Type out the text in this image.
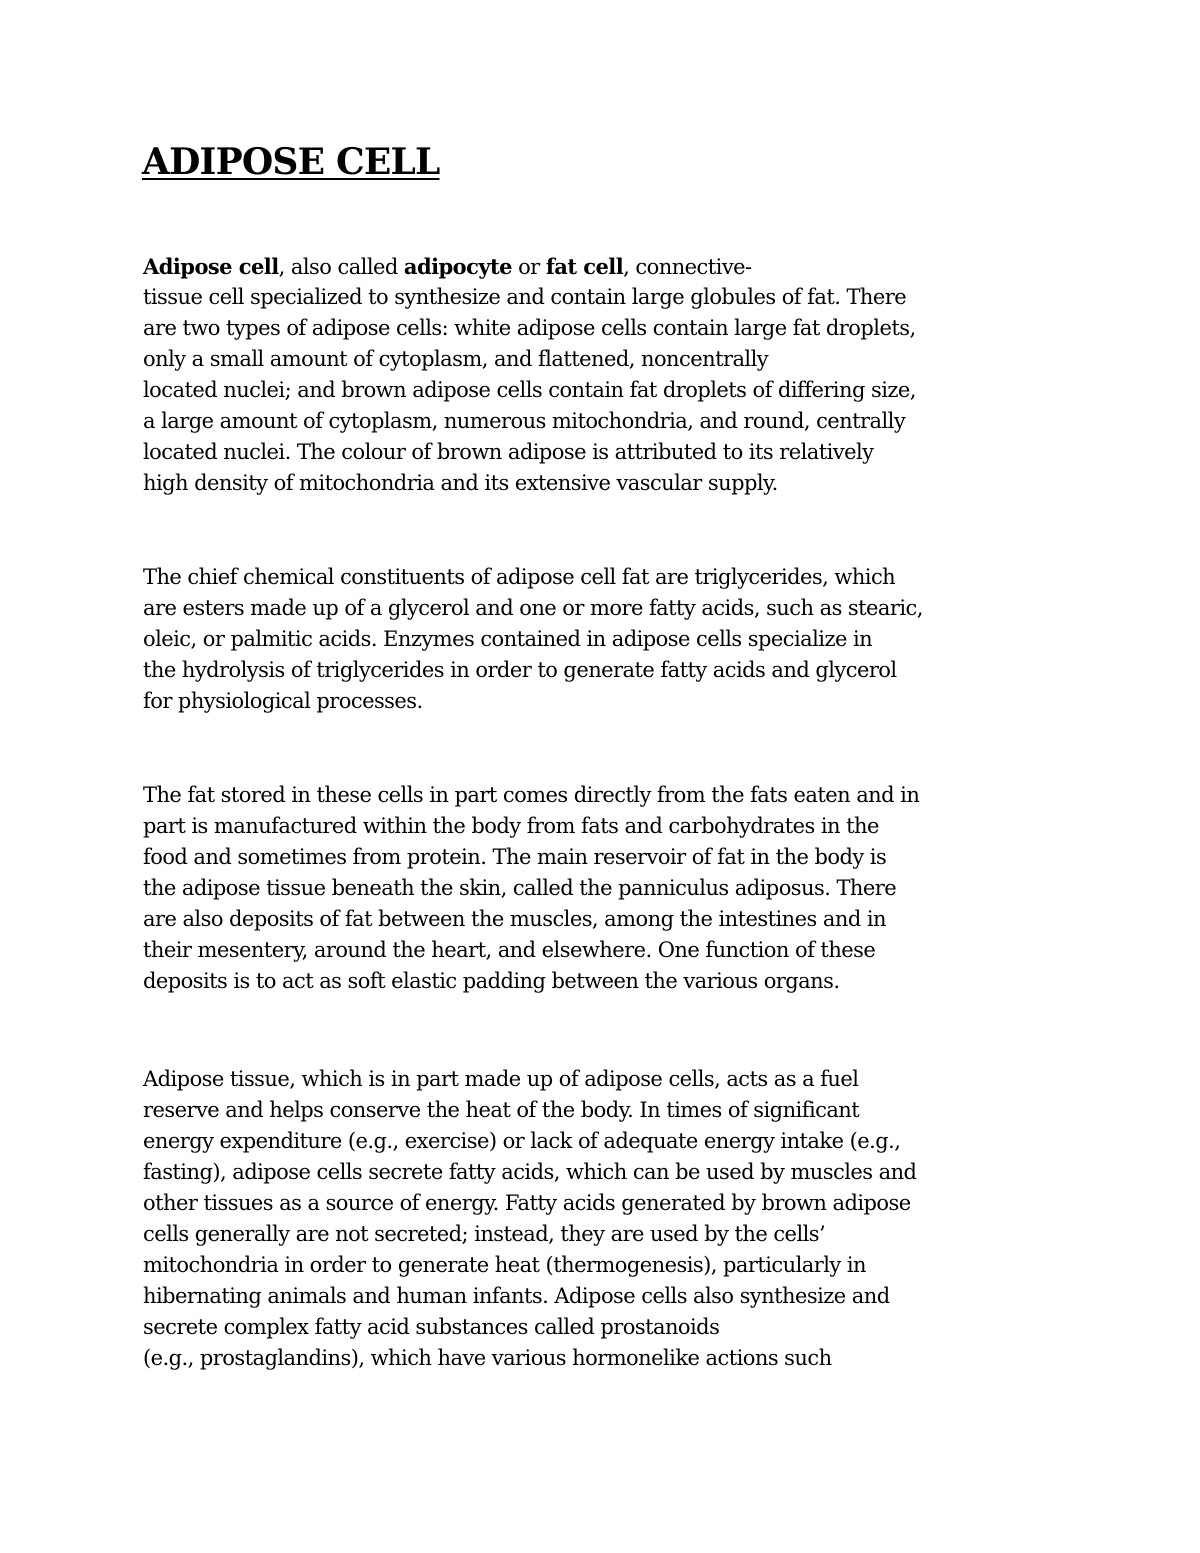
ADIPOSE CELL
Adipose cell, also called adipocyte or fat cell, connective-
tissue cell specialized to synthesize and contain large globules of fat. There
are two types of adipose cells: white adipose cells contain large fat droplets,
only a small amount of cytoplasm, and flattened, noncentrally
located nuclei; and brown adipose cells contain fat droplets of differing size,
a large amount of cytoplasm, numerous mitochondria, and round, centrally
located nuclei. The colour of brown adipose is attributed to its relatively
high density of mitochondria and its extensive vascular supply.
The chief chemical constituents of adipose cell fat are triglycerides, which
are esters made up of a glycerol and one or more fatty acids, such as stearic,
oleic, or palmitic acids. Enzymes contained in adipose cells specialize in
the hydrolysis of triglycerides in order to generate fatty acids and glycerol
for physiological processes.
The fat stored in these cells in part comes directly from the fats eaten and in
part is manufactured within the body from fats and carbohydrates in the
food and sometimes from protein. The main reservoir of fat in the body is
the adipose tissue beneath the skin, called the panniculus adiposus. There
are also deposits of fat between the muscles, among the intestines and in
their mesentery, around the heart, and elsewhere. One function of these
deposits is to act as soft elastic padding between the various organs.
Adipose tissue, which is in part made up of adipose cells, acts as a fuel
reserve and helps conserve the heat of the body. In times of significant
energy expenditure (e.g., exercise) or lack of adequate energy intake (e.g.,
fasting), adipose cells secrete fatty acids, which can be used by muscles and
other tissues as a source of energy. Fatty acids generated by brown adipose
cells generally are not secreted; instead, they are used by the cells’
mitochondria in order to generate heat (thermogenesis), particularly in
hibernating animals and human infants. Adipose cells also synthesize and
secrete complex fatty acid substances called prostanoids
(e.g., prostaglandins), which have various hormonelike actions such
